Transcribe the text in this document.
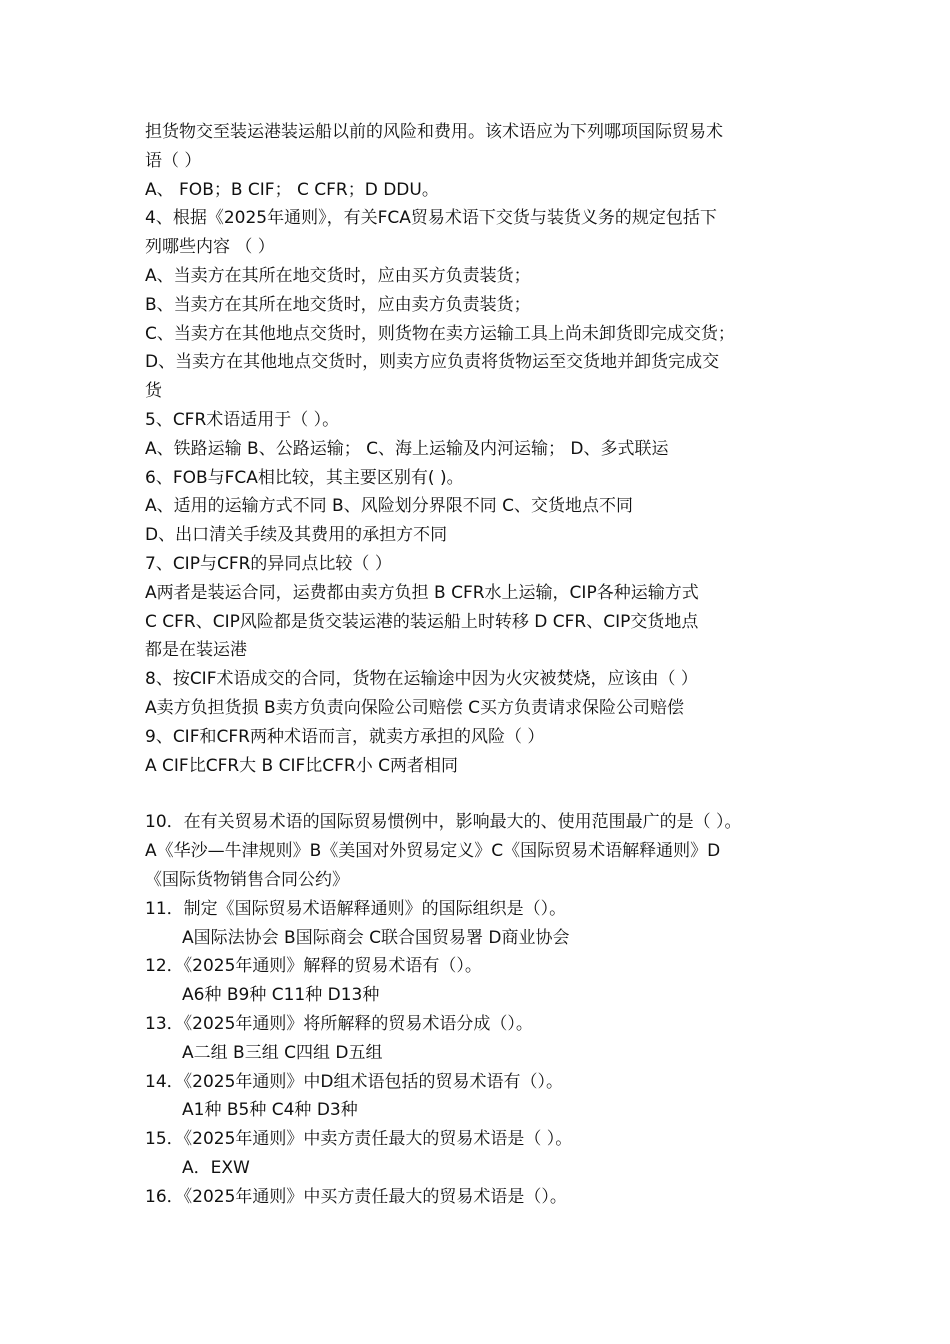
担货物交至装运港装运船以前的风险和费用。该术语应为下列哪项国际贸易术

语（ ）

A、 FOB；B CIF； C CFR；D DDU。

4、根据《2025年通则》，有关FCA贸易术语下交货与装货义务的规定包括下

列哪些内容 （ ）

A、当卖方在其所在地交货时，应由买方负责装货；

B、当卖方在其所在地交货时，应由卖方负责装货；

C、当卖方在其他地点交货时，则货物在卖方运输工具上尚未卸货即完成交货；

D、当卖方在其他地点交货时，则卖方应负责将货物运至交货地并卸货完成交

货

5、CFR术语适用于（ ）。

A、铁路运输 B、公路运输； C、海上运输及内河运输； D、多式联运

6、FOB与FCA相比较，其主要区别有( )。

A、适用的运输方式不同 B、风险划分界限不同 C、交货地点不同

D、出口清关手续及其费用的承担方不同

7、CIP与CFR的异同点比较（ ）

A两者是装运合同，运费都由卖方负担 B CFR水上运输，CIP各种运输方式

C CFR、CIP风险都是货交装运港的装运船上时转移 D CFR、CIP交货地点

都是在装运港

8、按CIF术语成交的合同，货物在运输途中因为火灾被焚烧，应该由（ ）

A卖方负担货损 B卖方负责向保险公司赔偿 C买方负责请求保险公司赔偿

9、CIF和CFR两种术语而言，就卖方承担的风险（ ）

A CIF比CFR大 B CIF比CFR小 C两者相同

10．在有关贸易术语的国际贸易惯例中，影响最大的、使用范围最广的是（ ）。

A《华沙—牛津规则》B《美国对外贸易定义》C《国际贸易术语解释通则》D

《国际货物销售合同公约》

11．制定《国际贸易术语解释通则》的国际组织是（）。

A国际法协会 B国际商会 C联合国贸易署 D商业协会

12．《2025年通则》解释的贸易术语有（）。

A6种 B9种 C11种 D13种

13．《2025年通则》将所解释的贸易术语分成（）。

A二组 B三组 C四组 D五组

14．《2025年通则》中D组术语包括的贸易术语有（）。

A1种 B5种 C4种 D3种

15．《2025年通则》中卖方责任最大的贸易术语是（ ）。

A．EXW

16．《2025年通则》中买方责任最大的贸易术语是（）。
